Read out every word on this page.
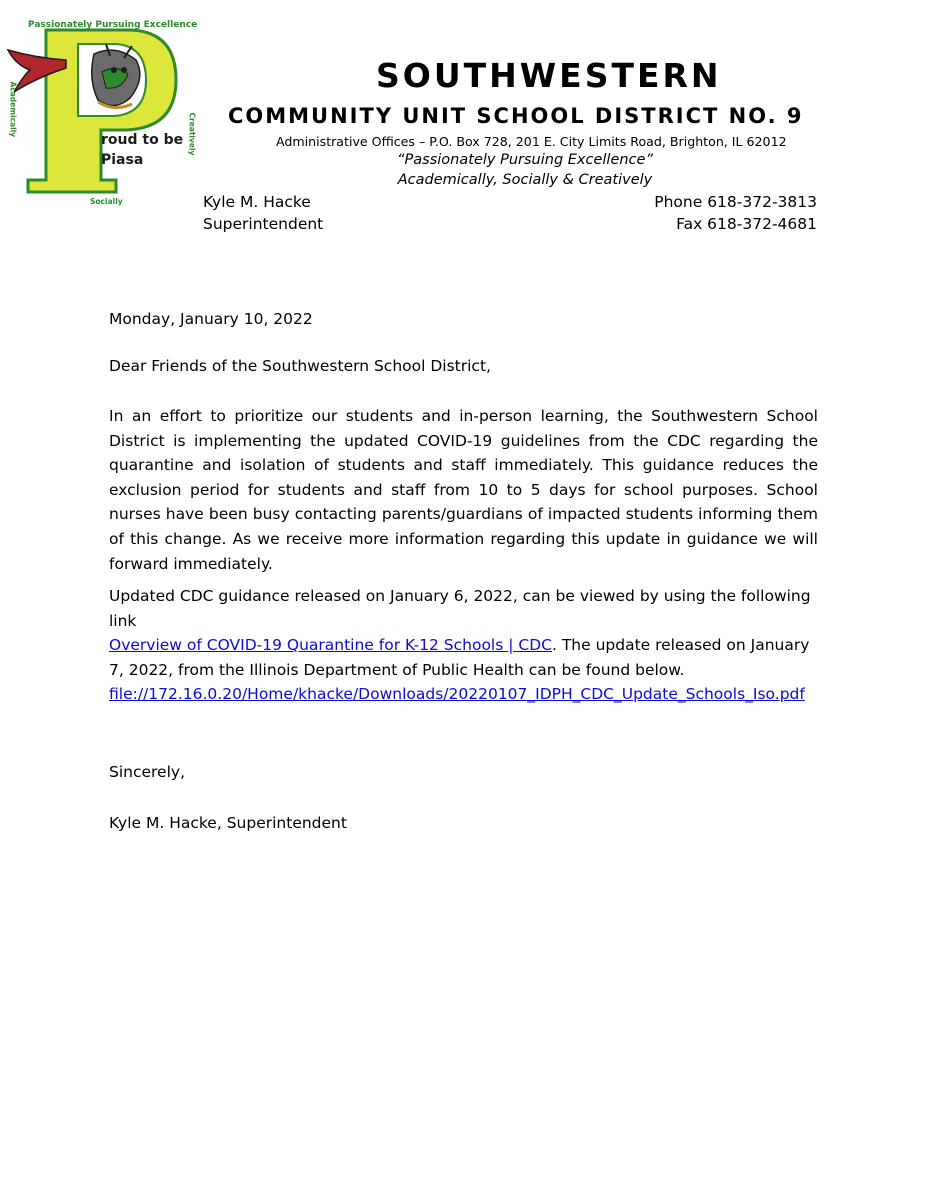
Passionately Pursuing Excellence
Academically	Creatively
Socially
roud to be
Piasa
SOUTHWESTERN
COMMUNITY UNIT SCHOOL DISTRICT NO. 9
Administrative Offices – P.O. Box 728, 201 E. City Limits Road, Brighton, IL 62012
“Passionately Pursuing Excellence”
Academically, Socially & Creatively
Kyle M. Hacke
Superintendent
Phone 618-372-3813
Fax 618-372-4681
Monday, January 10, 2022
Dear Friends of the Southwestern School District,
In an effort to prioritize our students and in-person learning, the Southwestern School District is implementing the updated COVID-19 guidelines from the CDC regarding the quarantine and isolation of students and staff immediately. This guidance reduces the exclusion period for students and staff from 10 to 5 days for school purposes. School nurses have been busy contacting parents/guardians of impacted students informing them of this change. As we receive more information regarding this update in guidance we will forward immediately.
Updated CDC guidance released on January 6, 2022, can be viewed by using the following link
Overview of COVID-19 Quarantine for K-12 Schools | CDC. The update released on January 7, 2022, from the Illinois Department of Public Health can be found below.
file://172.16.0.20/Home/khacke/Downloads/20220107_IDPH_CDC_Update_Schools_Iso.pdf
Sincerely,
Kyle M. Hacke, Superintendent
